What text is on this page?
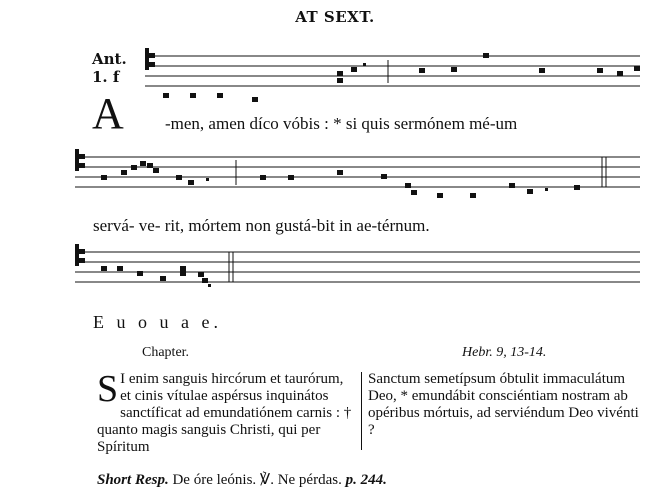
AT SEXT.
Ant.
1. f
A -men, amen díco vóbis : * si quis sermónem mé-um
servá- ve- rit, mórtem non gustá-bit in ae-térnum.
E u o u a e.
Chapter.	Hebr. 9, 13-14.
S I enim sanguis hircórum et taurórum, et cinis vítulae aspérsus inquinátos sanctíficat ad emundatiónem carnis : † quanto magis sanguis Christi, qui per Spíritum
Sanctum semetípsum óbtulit immaculátum Deo, * emundábit consciéntiam nostram ab opéribus mórtuis, ad serviéndum Deo vivénti ?
Short Resp. De óre leónis. ℣. Ne pérdas. p. 244.
